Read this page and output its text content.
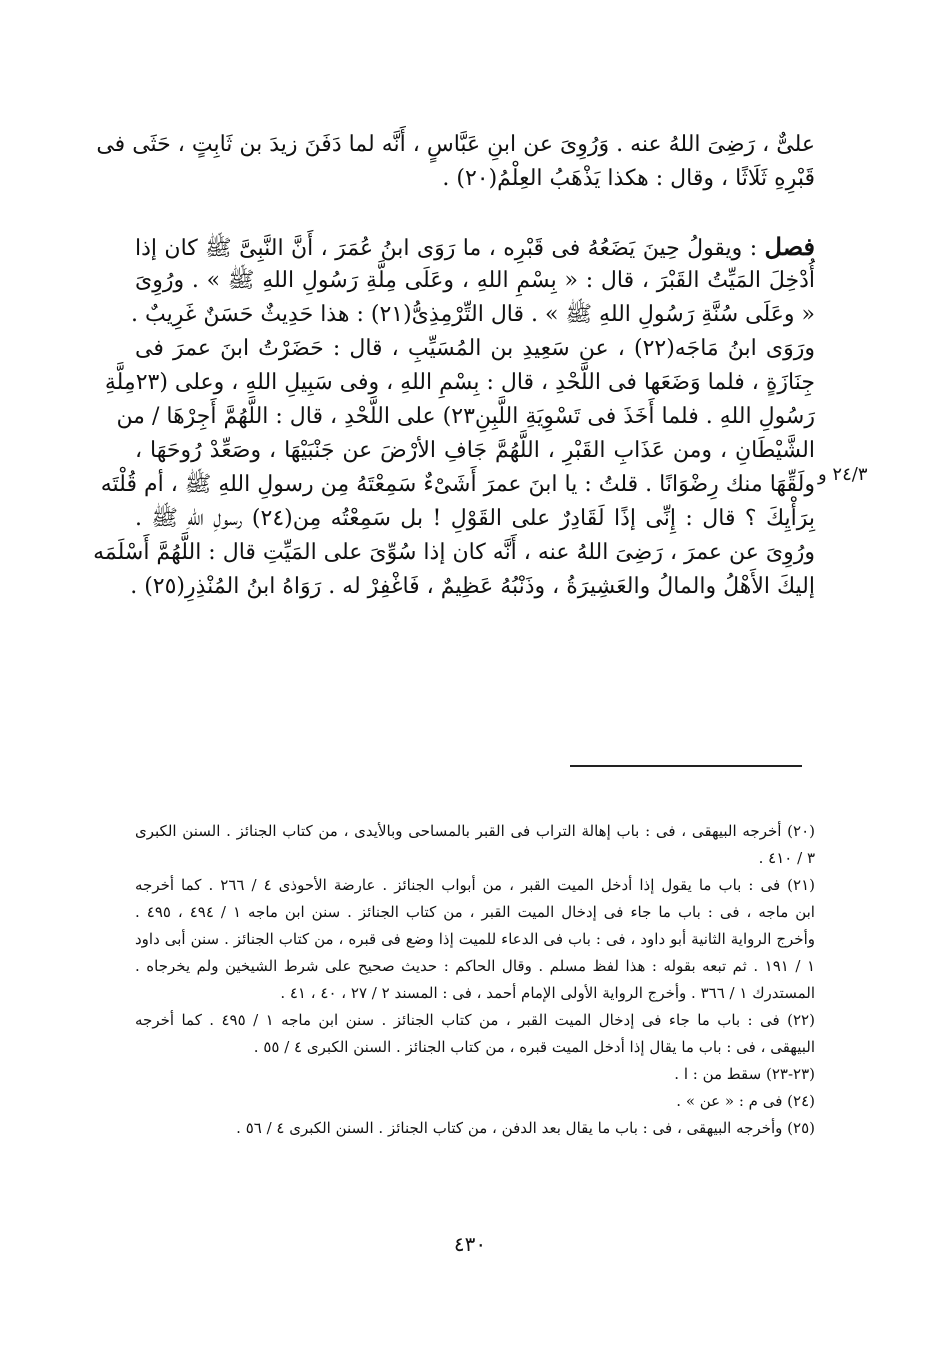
علىٌّ ، رَضِىَ اللهُ عنه . وَرُوِىَ عن ابنِ عَبَّاسٍ ، أَنَّه لما دَفَنَ زيدَ بن ثَابِتٍ ، حَثَى فى
قَبْرِهِ ثَلَاثًا ، وقال : هكذا يَذْهَبُ العِلْمُ(٢٠) .
فصل : ويقولُ حِينَ يَضَعُهُ فى قَبْرِه ، ما رَوَى ابنُ عُمَرَ ، أَنَّ النَّبِىَّ ﷺ كان إذا
أُدْخِلَ المَيِّتُ القَبْرَ ، قال : « بِسْمِ اللهِ ، وعَلَى مِلَّةِ رَسُولِ اللهِ ﷺ » . ورُوِىَ
« وعَلَى سُنَّةِ رَسُولِ اللهِ ﷺ » . قال التِّرْمِذِىُّ(٢١) : هذا حَدِيثٌ حَسَنٌ غَرِيبٌ .
ورَوَى ابنُ مَاجَه(٢٢) ، عن سَعِيدِ بن المُسَيِّبِ ، قال : حَضَرْتُ ابنَ عمرَ فى
جِنَازَةٍ ، فلما وَضَعَها فى اللَّحْدِ ، قال : بِسْمِ اللهِ ، وفى سَبِيلِ اللهِ ، وعلى (٢٣مِلَّةِ
رَسُولِ اللهِ . فلما أَخَذَ فى تَسْوِيَةِ اللَّبِنِ٢٣) على اللَّحْدِ ، قال : اللَّهُمَّ أَجِرْهَا / من
الشَّيْطَانِ ، ومن عَذَابِ القَبْرِ ، اللَّهُمَّ جَافِ الأرْضَ عن جَنْبَيْهَا ، وصَعِّدْ رُوحَهَا ،
ولَقِّهَا منك رِضْوَانًا . قلتُ : يا ابنَ عمرَ أَشَىْءٌ سَمِعْتَهُ مِن رسولِ اللهِ ﷺ ، أم قُلْتَه
بِرَأْيِكَ ؟ قال : إِنِّى إذًا لَقَادِرٌ على القَوْلِ ! بل سَمِعْتُه مِن(٢٤) رسولِ اللهِ ﷺ .
ورُوِىَ عن عمرَ ، رَضِىَ اللهُ عنه ، أَنَّه كان إذا سُوِّىَ على المَيِّتِ قال : اللَّهُمَّ أَسْلَمَه
إليكَ الأَهْلُ والمالُ والعَشِيرَةُ ، وذَنْبُهُ عَظِيمٌ ، فَاغْفِرْ له . رَوَاهُ ابنُ المُنْذِرِ(٢٥) .
٢٤/٣ و
(٢٠) أخرجه البيهقى ، فى : باب إهالة التراب فى القبر بالمساحى وبالأيدى ، من كتاب الجنائز . السنن الكبرى
٣ / ٤١٠ .
(٢١) فى : باب ما يقول إذا أدخل الميت القبر ، من أبواب الجنائز . عارضة الأحوذى ٤ / ٢٦٦ . كما أخرجه
ابن ماجه ، فى : باب ما جاء فى إدخال الميت القبر ، من كتاب الجنائز . سنن ابن ماجه ١ / ٤٩٤ ، ٤٩٥ .
وأخرج الرواية الثانية أبو داود ، فى : باب فى الدعاء للميت إذا وضع فى قبره ، من كتاب الجنائز . سنن أبى داود
١ / ١٩١ . ثم تبعه بقوله : هذا لفظ مسلم . وقال الحاكم : حديث صحيح على شرط الشيخين ولم يخرجاه .
المستدرك ١ / ٣٦٦ . وأخرج الرواية الأولى الإمام أحمد ، فى : المسند ٢ / ٢٧ ، ٤٠ ، ٤١ .
(٢٢) فى : باب ما جاء فى إدخال الميت القبر ، من كتاب الجنائز . سنن ابن ماجه ١ / ٤٩٥ . كما أخرجه
البيهقى ، فى : باب ما يقال إذا أدخل الميت قبره ، من كتاب الجنائز . السنن الكبرى ٤ / ٥٥ .
(٢٣-٢٣) سقط من : ا .
(٢٤) فى م : « عن » .
(٢٥) وأخرجه البيهقى ، فى : باب ما يقال بعد الدفن ، من كتاب الجنائز . السنن الكبرى ٤ / ٥٦ .
٤٣٠
